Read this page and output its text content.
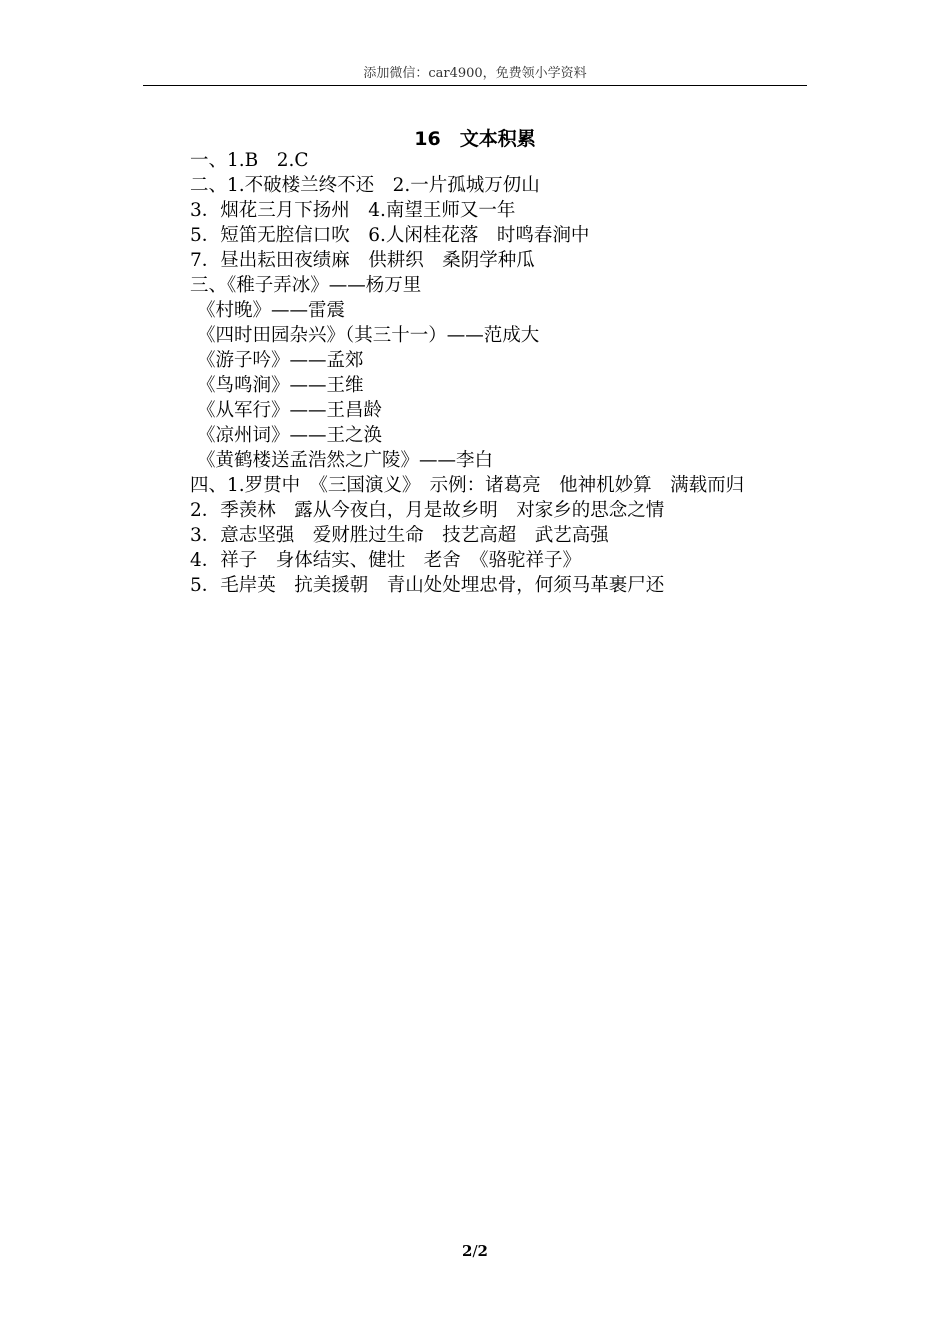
添加微信：car4900，免费领小学资料
16　文本积累
一、1.B　2.C
二、1.不破楼兰终不还　2.一片孤城万仞山
3．烟花三月下扬州　4.南望王师又一年
5．短笛无腔信口吹　6.人闲桂花落　时鸣春涧中
7．昼出耘田夜绩麻　供耕织　桑阴学种瓜
三、《稚子弄冰》——杨万里
《村晚》——雷震
《四时田园杂兴》（其三十一）——范成大
《游子吟》——孟郊
《鸟鸣涧》——王维
《从军行》——王昌龄
《凉州词》——王之涣
《黄鹤楼送孟浩然之广陵》——李白
四、1.罗贯中　《三国演义》　示例：诸葛亮　他神机妙算　满载而归
2．季羡林　露从今夜白，月是故乡明　对家乡的思念之情
3．意志坚强　爱财胜过生命　技艺高超　武艺高强
4．祥子　身体结实、健壮　老舍　《骆驼祥子》
5．毛岸英　抗美援朝　青山处处埋忠骨，何须马革裹尸还
2/2
